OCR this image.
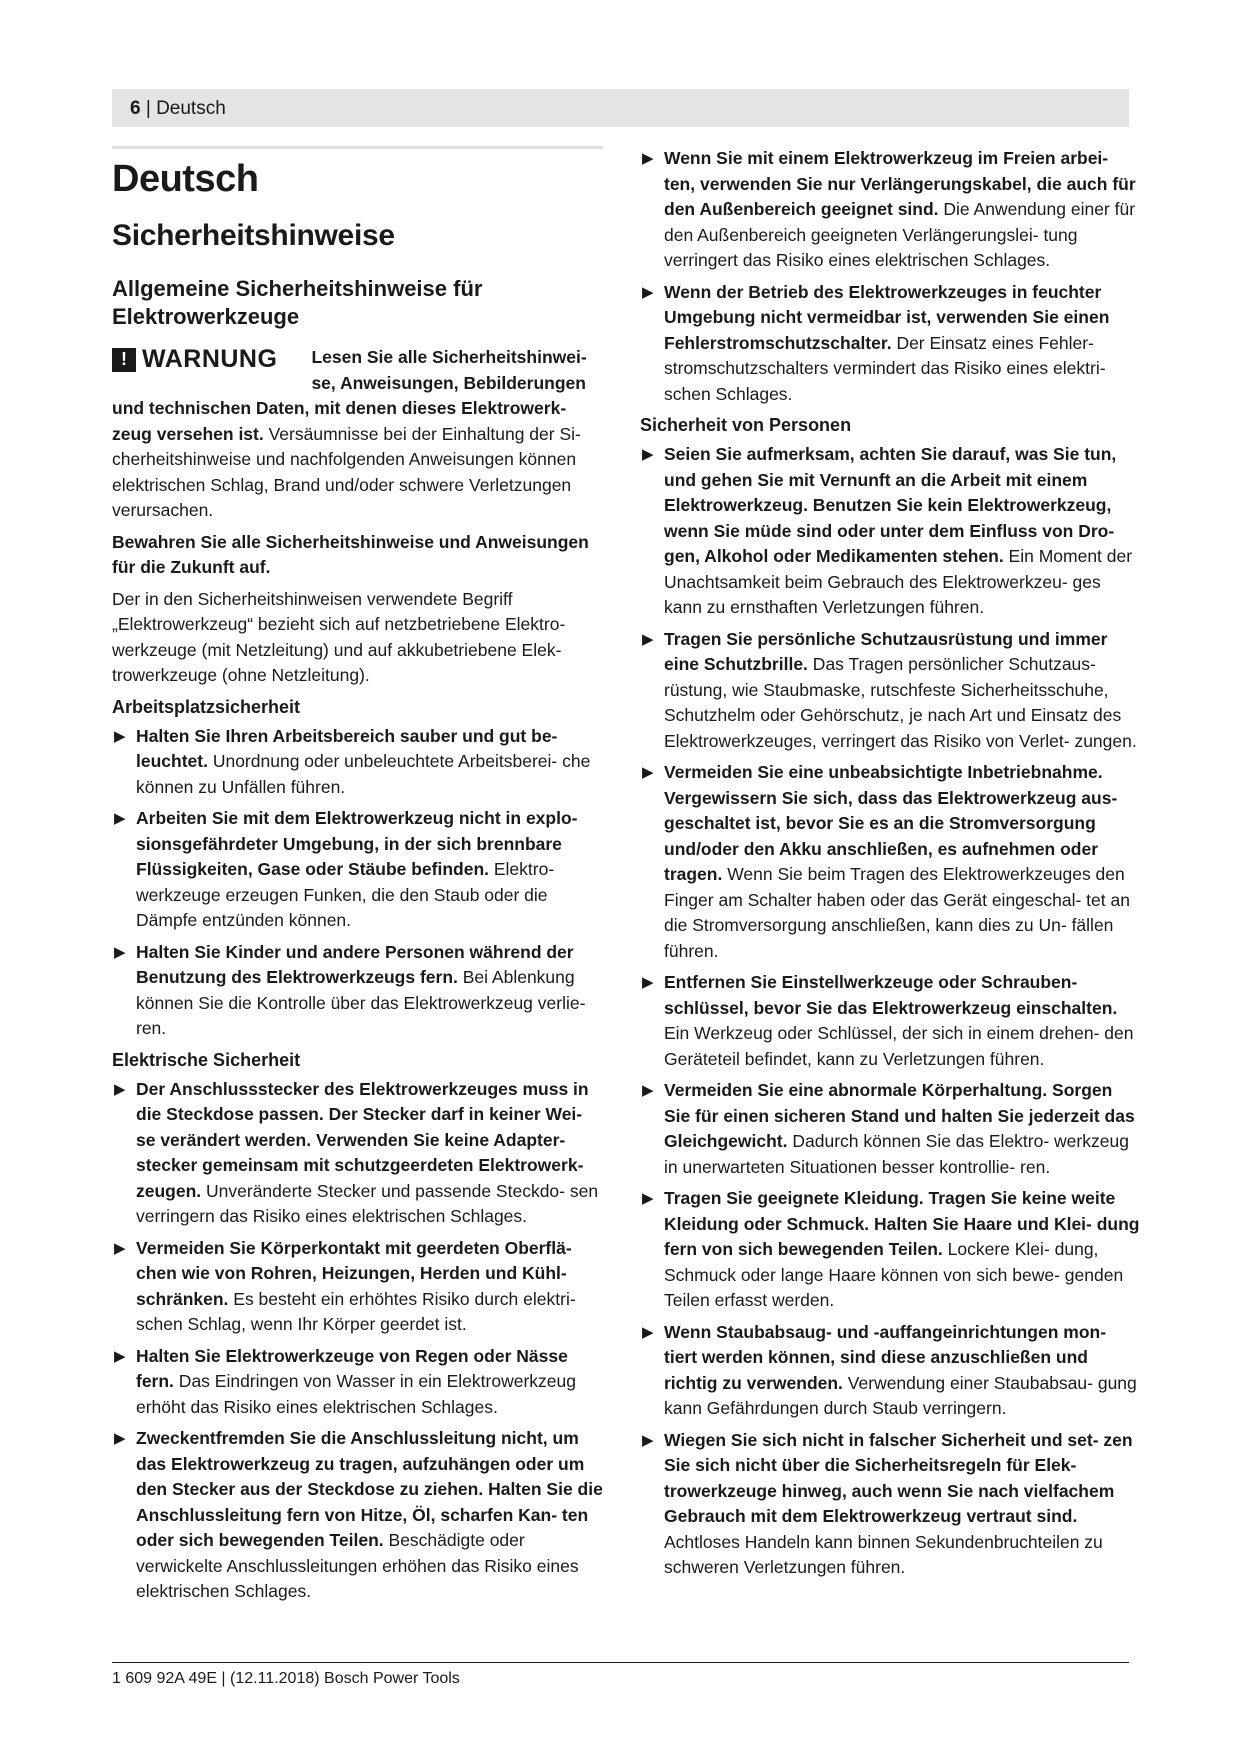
6 | Deutsch
Deutsch
Sicherheitshinweise
Allgemeine Sicherheitshinweise für Elektrowerkzeuge
! WARNUNG Lesen Sie alle Sicherheitshinwei- se, Anweisungen, Bebilderungen

und technischen Daten, mit denen dieses Elektrowerk- zeug versehen ist. Versäumnisse bei der Einhaltung der Si- cherheitshinweise und nachfolgenden Anweisungen können elektrischen Schlag, Brand und/oder schwere Verletzungen verursachen.

Bewahren Sie alle Sicherheitshinweise und Anweisungen für die Zukunft auf.

Der in den Sicherheitshinweisen verwendete Begriff „Elektrowerkzeug“ bezieht sich auf netzbetriebene Elektro- werkzeuge (mit Netzleitung) und auf akkubetriebene Elek- trowerkzeuge (ohne Netzleitung).

Arbeitsplatzsicherheit
▶ Halten Sie Ihren Arbeitsbereich sauber und gut be- leuchtet. Unordnung oder unbeleuchtete Arbeitsberei- che können zu Unfällen führen.
▶ Arbeiten Sie mit dem Elektrowerkzeug nicht in explo- sionsgefährdeter Umgebung, in der sich brennbare Flüssigkeiten, Gase oder Stäube befinden. Elektro- werkzeuge erzeugen Funken, die den Staub oder die Dämpfe entzünden können.
▶ Halten Sie Kinder und andere Personen während der Benutzung des Elektrowerkzeugs fern. Bei Ablenkung können Sie die Kontrolle über das Elektrowerkzeug verlie- ren.
Elektrische Sicherheit
▶ Der Anschlussstecker des Elektrowerkzeuges muss in die Steckdose passen. Der Stecker darf in keiner Wei- se verändert werden. Verwenden Sie keine Adapter- stecker gemeinsam mit schutzgeerdeten Elektrowerk- zeugen. Unveränderte Stecker und passende Steckdo- sen verringern das Risiko eines elektrischen Schlages.
▶ Vermeiden Sie Körperkontakt mit geerdeten Oberflä- chen wie von Rohren, Heizungen, Herden und Kühl- schränken. Es besteht ein erhöhtes Risiko durch elektri- schen Schlag, wenn Ihr Körper geerdet ist.
▶ Halten Sie Elektrowerkzeuge von Regen oder Nässe fern. Das Eindringen von Wasser in ein Elektrowerkzeug erhöht das Risiko eines elektrischen Schlages.
▶ Zweckentfremden Sie die Anschlussleitung nicht, um das Elektrowerkzeug zu tragen, aufzuhängen oder um den Stecker aus der Steckdose zu ziehen. Halten Sie die Anschlussleitung fern von Hitze, Öl, scharfen Kan- ten oder sich bewegenden Teilen. Beschädigte oder verwickelte Anschlussleitungen erhöhen das Risiko eines elektrischen Schlages.
▶ Wenn Sie mit einem Elektrowerkzeug im Freien arbei- ten, verwenden Sie nur Verlängerungskabel, die auch für den Außenbereich geeignet sind. Die Anwendung einer für den Außenbereich geeigneten Verlängerungslei- tung verringert das Risiko eines elektrischen Schlages.
▶ Wenn der Betrieb des Elektrowerkzeuges in feuchter Umgebung nicht vermeidbar ist, verwenden Sie einen Fehlerstromschutzschalter. Der Einsatz eines Fehler- stromschutzschalters vermindert das Risiko eines elektri- schen Schlages.
Sicherheit von Personen
▶ Seien Sie aufmerksam, achten Sie darauf, was Sie tun, und gehen Sie mit Vernunft an die Arbeit mit einem Elektrowerkzeug. Benutzen Sie kein Elektrowerkzeug, wenn Sie müde sind oder unter dem Einfluss von Dro- gen, Alkohol oder Medikamenten stehen. Ein Moment der Unachtsamkeit beim Gebrauch des Elektrowerkzeu- ges kann zu ernsthaften Verletzungen führen.
▶ Tragen Sie persönliche Schutzausrüstung und immer eine Schutzbrille. Das Tragen persönlicher Schutzaus- rüstung, wie Staubmaske, rutschfeste Sicherheitsschuhe, Schutzhelm oder Gehörschutz, je nach Art und Einsatz des Elektrowerkzeuges, verringert das Risiko von Verlet- zungen.
▶ Vermeiden Sie eine unbeabsichtigte Inbetriebnahme. Vergewissern Sie sich, dass das Elektrowerkzeug aus- geschaltet ist, bevor Sie es an die Stromversorgung und/oder den Akku anschließen, es aufnehmen oder tragen. Wenn Sie beim Tragen des Elektrowerkzeuges den Finger am Schalter haben oder das Gerät eingeschal- tet an die Stromversorgung anschließen, kann dies zu Un- fällen führen.
▶ Entfernen Sie Einstellwerkzeuge oder Schrauben- schlüssel, bevor Sie das Elektrowerkzeug einschalten. Ein Werkzeug oder Schlüssel, der sich in einem drehen- den Geräteteil befindet, kann zu Verletzungen führen.
▶ Vermeiden Sie eine abnormale Körperhaltung. Sorgen Sie für einen sicheren Stand und halten Sie jederzeit das Gleichgewicht. Dadurch können Sie das Elektro- werkzeug in unerwarteten Situationen besser kontrollie- ren.
▶ Tragen Sie geeignete Kleidung. Tragen Sie keine weite Kleidung oder Schmuck. Halten Sie Haare und Klei- dung fern von sich bewegenden Teilen. Lockere Klei- dung, Schmuck oder lange Haare können von sich bewe- genden Teilen erfasst werden.
▶ Wenn Staubabsaug- und -auffangeinrichtungen mon- tiert werden können, sind diese anzuschließen und richtig zu verwenden. Verwendung einer Staubabsau- gung kann Gefährdungen durch Staub verringern.
▶ Wiegen Sie sich nicht in falscher Sicherheit und set- zen Sie sich nicht über die Sicherheitsregeln für Elek- trowerkzeuge hinweg, auch wenn Sie nach vielfachem Gebrauch mit dem Elektrowerkzeug vertraut sind. Achtloses Handeln kann binnen Sekundenbruchteilen zu schweren Verletzungen führen.
1 609 92A 49E | (12.11.2018) Bosch Power Tools
